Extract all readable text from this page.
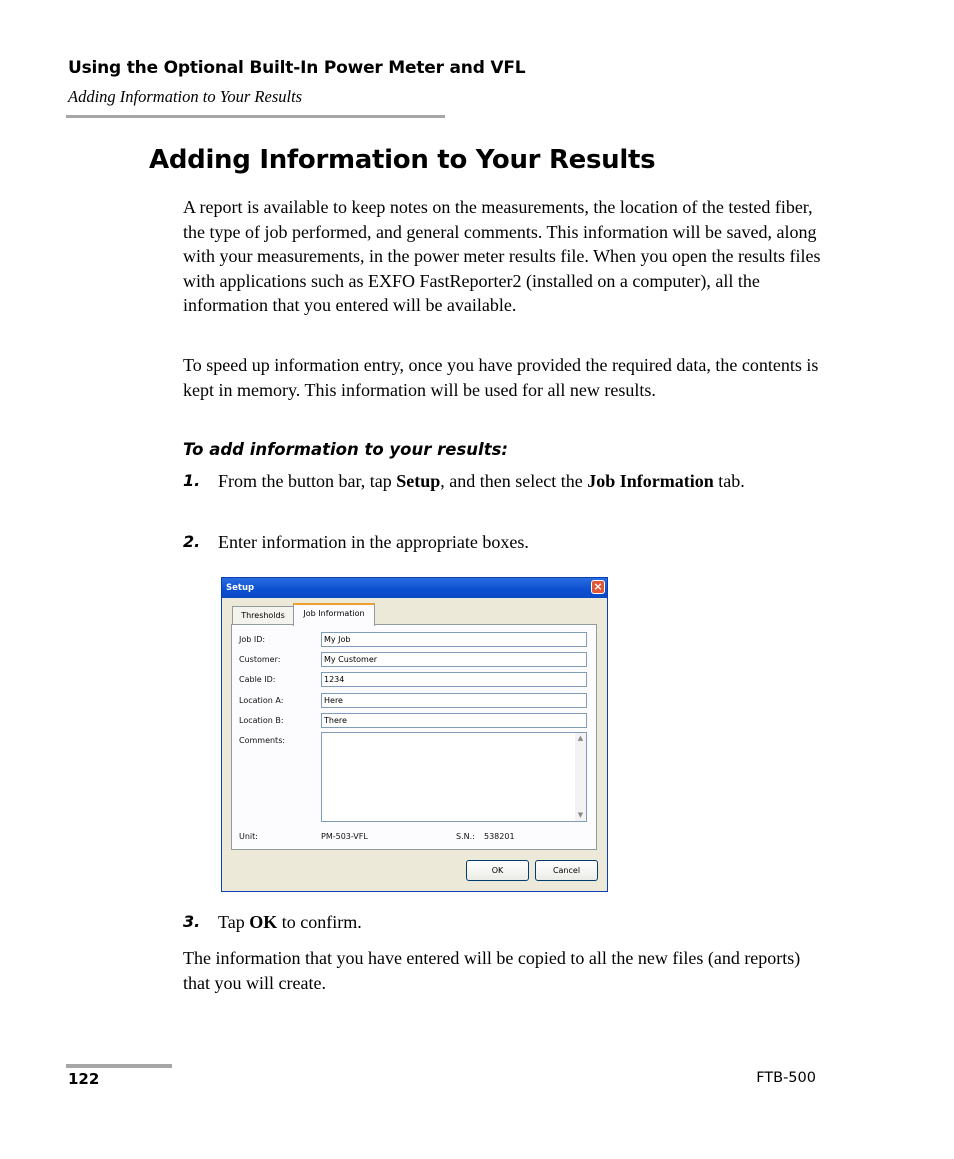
Using the Optional Built-In Power Meter and VFL
Adding Information to Your Results
Adding Information to Your Results
A report is available to keep notes on the measurements, the location of the tested fiber, the type of job performed, and general comments. This information will be saved, along with your measurements, in the power meter results file. When you open the results files with applications such as EXFO FastReporter2 (installed on a computer), all the information that you entered will be available.
To speed up information entry, once you have provided the required data, the contents is kept in memory. This information will be used for all new results.
To add information to your results:
1. From the button bar, tap Setup, and then select the Job Information tab.
2. Enter information in the appropriate boxes.
Setup	×
Thresholds	Job Information
Job ID:	My Job
Customer:	My Customer
Cable ID:	1234
Location A:	Here
Location B:	There
Comments:	▲
▼
Unit:	PM-503-VFL	S.N.: 538201
OK	Cancel
3. Tap OK to confirm.
The information that you have entered will be copied to all the new files (and reports) that you will create.
122	FTB-500
